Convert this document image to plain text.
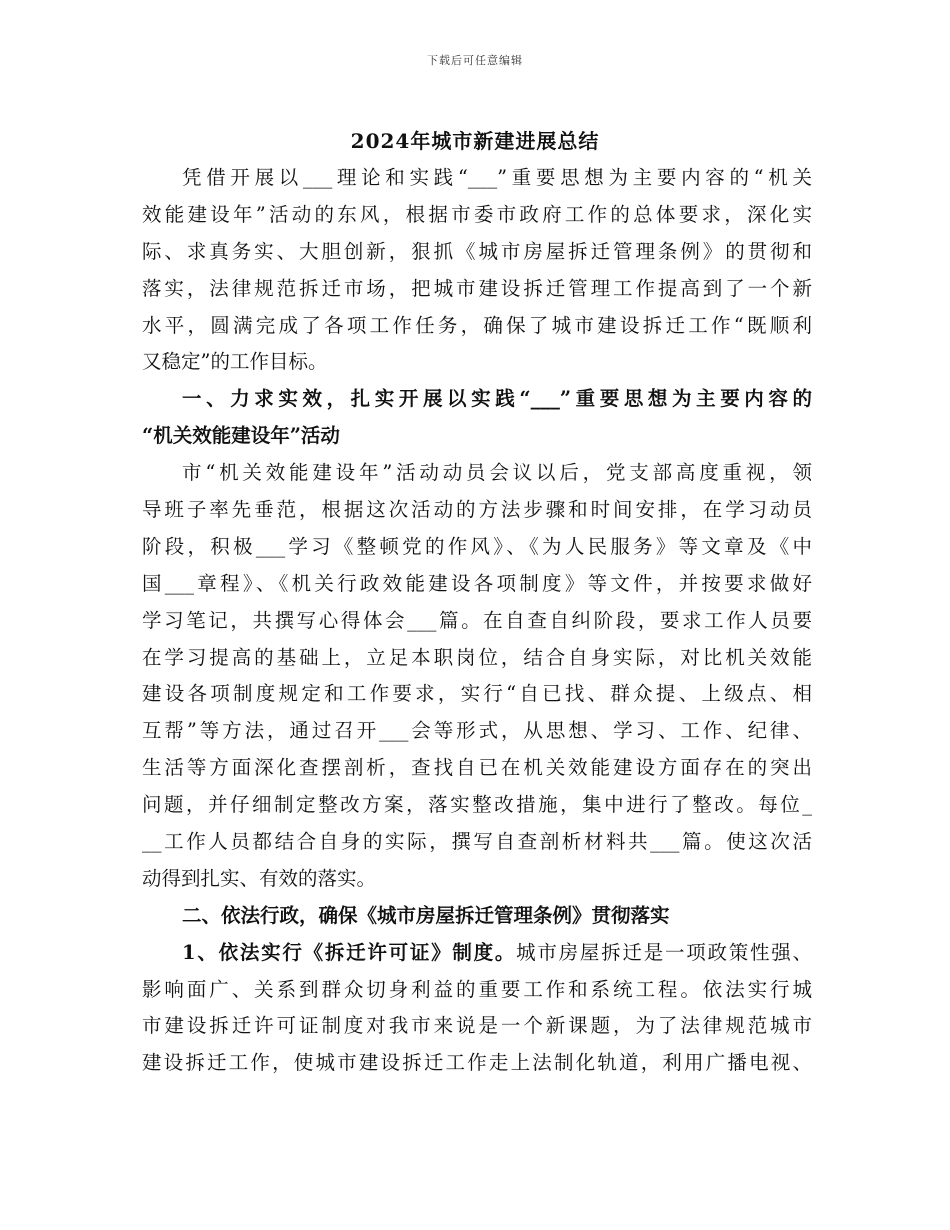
下载后可任意编辑
2024年城市新建进展总结
凭借开展以___理论和实践“___”重要思想为主要内容的“机关
效能建设年”活动的东风，根据市委市政府工作的总体要求，深化实
际、求真务实、大胆创新，狠抓《城市房屋拆迁管理条例》的贯彻和
落实，法律规范拆迁市场，把城市建设拆迁管理工作提高到了一个新
水平，圆满完成了各项工作任务，确保了城市建设拆迁工作“既顺利
又稳定”的工作目标。
一、力求实效，扎实开展以实践“___”重要思想为主要内容的
“机关效能建设年”活动
市“机关效能建设年”活动动员会议以后，党支部高度重视，领
导班子率先垂范，根据这次活动的方法步骤和时间安排，在学习动员
阶段，积极___学习《整顿党的作风》、《为人民服务》等文章及《中
国___章程》、《机关行政效能建设各项制度》等文件，并按要求做好
学习笔记，共撰写心得体会___篇。在自查自纠阶段，要求工作人员要
在学习提高的基础上，立足本职岗位，结合自身实际，对比机关效能
建设各项制度规定和工作要求，实行“自已找、群众提、上级点、相
互帮”等方法，通过召开___会等形式，从思想、学习、工作、纪律、
生活等方面深化查摆剖析，查找自已在机关效能建设方面存在的突出
问题，并仔细制定整改方案，落实整改措施，集中进行了整改。每位_
__工作人员都结合自身的实际，撰写自查剖析材料共___篇。使这次活
动得到扎实、有效的落实。
二、依法行政，确保《城市房屋拆迁管理条例》贯彻落实
1、依法实行《拆迁许可证》制度。城市房屋拆迁是一项政策性强、
影响面广、关系到群众切身利益的重要工作和系统工程。依法实行城
市建设拆迁许可证制度对我市来说是一个新课题，为了法律规范城市
建设拆迁工作，使城市建设拆迁工作走上法制化轨道，利用广播电视、
